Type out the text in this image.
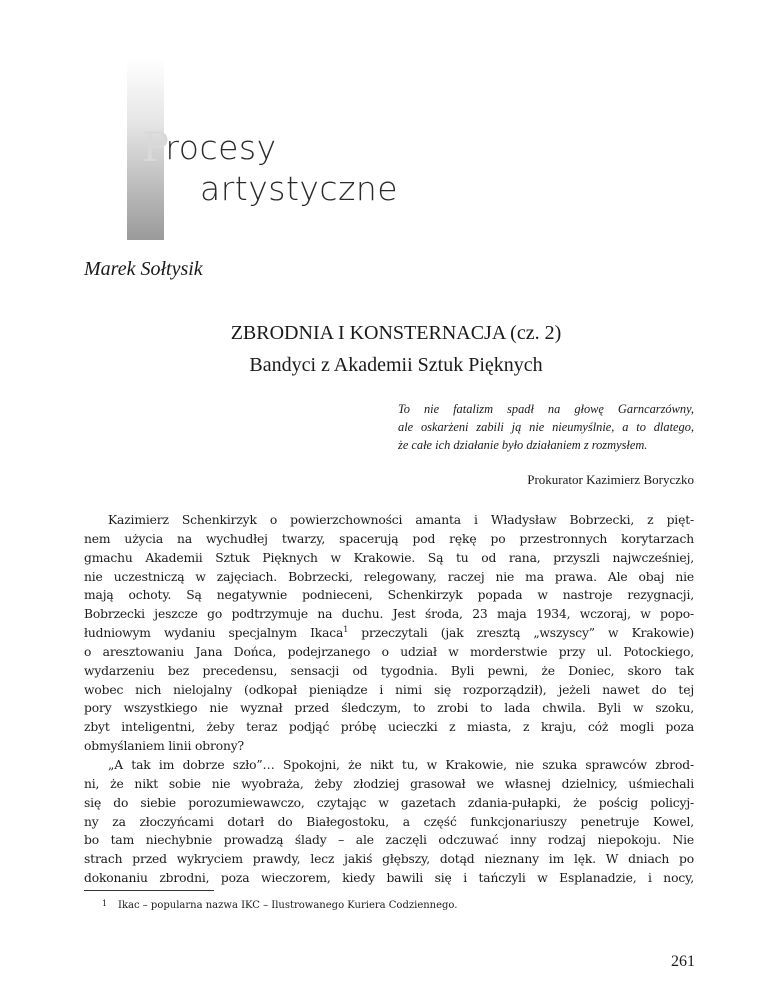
Procesy
artystyczne
Marek Sołtysik
ZBRODNIA I KONSTERNACJA (cz. 2)
Bandyci z Akademii Sztuk Pięknych
To nie fatalizm spadł na głowę Garncarzówny,
ale oskarżeni zabili ją nie nieumyślnie, a to dlatego,
że całe ich działanie było działaniem z rozmysłem.
Prokurator Kazimierz Boryczko
Kazimierz Schenkirzyk o powierzchowności amanta i Władysław Bobrzecki, z pięt-
nem użycia na wychudłej twarzy, spacerują pod rękę po przestronnych korytarzach
gmachu Akademii Sztuk Pięknych w Krakowie. Są tu od rana, przyszli najwcześniej,
nie uczestniczą w zajęciach. Bobrzecki, relegowany, raczej nie ma prawa. Ale obaj nie
mają ochoty. Są negatywnie podnieceni, Schenkirzyk popada w nastroje rezygnacji,
Bobrzecki jeszcze go podtrzymuje na duchu. Jest środa, 23 maja 1934, wczoraj, w popo-
łudniowym wydaniu specjalnym Ikaca$^1$ przeczytali (jak zresztą „wszyscy” w Krakowie)
o aresztowaniu Jana Dońca, podejrzanego o udział w morderstwie przy ul. Potockiego,
wydarzeniu bez precedensu, sensacji od tygodnia. Byli pewni, że Doniec, skoro tak
wobec nich nielojalny (odkopał pieniądze i nimi się rozporządził), jeżeli nawet do tej
pory wszystkiego nie wyznał przed śledczym, to zrobi to lada chwila. Byli w szoku,
zbyt inteligentni, żeby teraz podjąć próbę ucieczki z miasta, z kraju, cóż mogli poza
obmyślaniem linii obrony?
„A tak im dobrze szło”… Spokojni, że nikt tu, w Krakowie, nie szuka sprawców zbrod-
ni, że nikt sobie nie wyobraża, żeby złodziej grasował we własnej dzielnicy, uśmiechali
się do siebie porozumiewawczo, czytając w gazetach zdania-pułapki, że pościg policyj-
ny za złoczyńcami dotarł do Białegostoku, a część funkcjonariuszy penetruje Kowel,
bo tam niechybnie prowadzą ślady – ale zaczęli odczuwać inny rodzaj niepokoju. Nie
strach przed wykryciem prawdy, lecz jakiś głębszy, dotąd nieznany im lęk. W dniach po
dokonaniu zbrodni, poza wieczorem, kiedy bawili się i tańczyli w Esplanadzie, i nocy,
1 Ikac – popularna nazwa IKC – Ilustrowanego Kuriera Codziennego.
261
